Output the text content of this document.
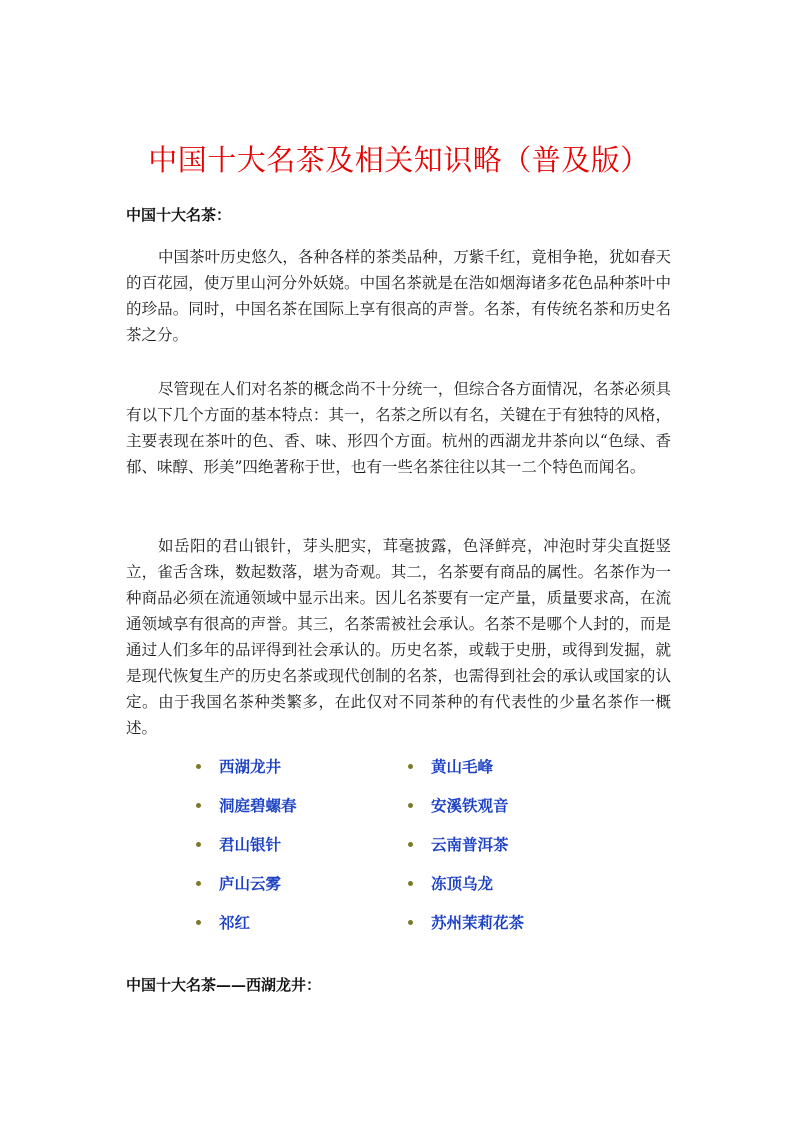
中国十大名茶及相关知识略（普及版）
中国十大名茶：

中国茶叶历史悠久，各种各样的茶类品种，万紫千红，竟相争艳，犹如春天的百花园，使万里山河分外妖娆。中国名茶就是在浩如烟海诸多花色品种茶叶中的珍品。同时，中国名茶在国际上享有很高的声誉。名茶，有传统名茶和历史名茶之分。

尽管现在人们对名茶的概念尚不十分统一，但综合各方面情况，名茶必须具有以下几个方面的基本特点：其一，名茶之所以有名，关键在于有独特的风格，主要表现在茶叶的色、香、味、形四个方面。杭州的西湖龙井茶向以“色绿、香郁、味醇、形美”四绝著称于世，也有一些名茶往往以其一二个特色而闻名。

如岳阳的君山银针，芽头肥实，茸毫披露，色泽鲜亮，冲泡时芽尖直挺竖立，雀舌含珠，数起数落，堪为奇观。其二，名茶要有商品的属性。名茶作为一种商品必须在流通领域中显示出来。因儿名茶要有一定产量，质量要求高，在流通领域享有很高的声誉。其三，名茶需被社会承认。名茶不是哪个人封的，而是通过人们多年的品评得到社会承认的。历史名茶，或载于史册，或得到发掘，就是现代恢复生产的历史名茶或现代创制的名茶，也需得到社会的承认或国家的认定。由于我国名茶种类繁多，在此仅对不同茶种的有代表性的少量名茶作一概述。

西湖龙井
洞庭碧螺春
君山银针
庐山云雾
祁红
黄山毛峰
安溪铁观音
云南普洱茶
冻顶乌龙
苏州茉莉花茶
中国十大名茶——西湖龙井：
